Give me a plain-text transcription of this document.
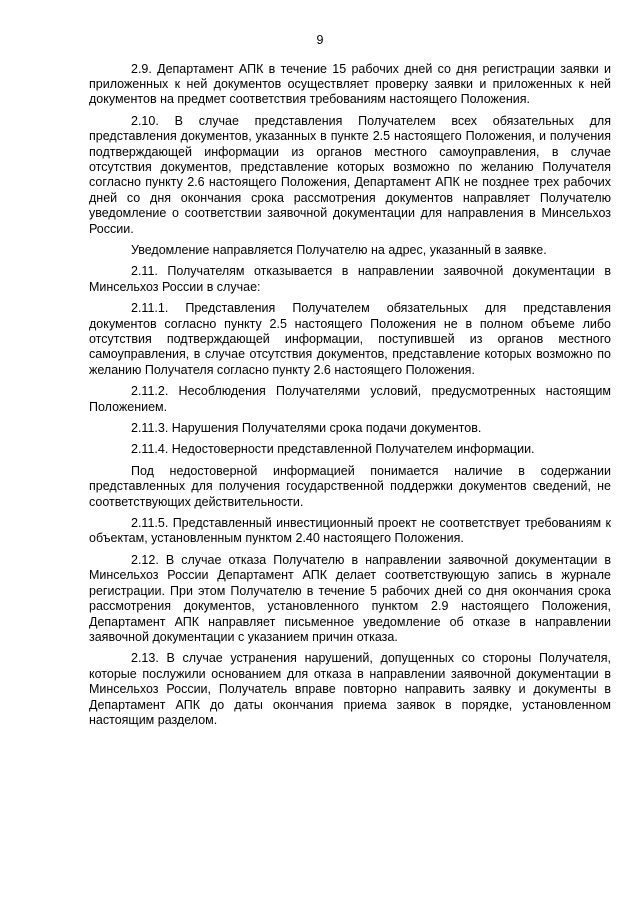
9

2.9. Департамент АПК в течение 15 рабочих дней со дня регистрации заявки и приложенных к ней документов осуществляет проверку заявки и приложенных к ней документов на предмет соответствия требованиям настоящего Положения.

2.10. В случае представления Получателем всех обязательных для представления документов, указанных в пункте 2.5 настоящего Положения, и получения подтверждающей информации из органов местного самоуправления, в случае отсутствия документов, представление которых возможно по желанию Получателя согласно пункту 2.6 настоящего Положения, Департамент АПК не позднее трех рабочих дней со дня окончания срока рассмотрения документов направляет Получателю уведомление о соответствии заявочной документации для направления в Минсельхоз России.

Уведомление направляется Получателю на адрес, указанный в заявке.

2.11. Получателям отказывается в направлении заявочной документации в Минсельхоз России в случае:

2.11.1. Представления Получателем обязательных для представления документов согласно пункту 2.5 настоящего Положения не в полном объеме либо отсутствия подтверждающей информации, поступившей из органов местного самоуправления, в случае отсутствия документов, представление которых возможно по желанию Получателя согласно пункту 2.6 настоящего Положения.

2.11.2. Несоблюдения Получателями условий, предусмотренных настоящим Положением.

2.11.3. Нарушения Получателями срока подачи документов.

2.11.4. Недостоверности представленной Получателем информации.

Под недостоверной информацией понимается наличие в содержании представленных для получения государственной поддержки документов сведений, не соответствующих действительности.

2.11.5. Представленный инвестиционный проект не соответствует требованиям к объектам, установленным пунктом 2.40 настоящего Положения.

2.12. В случае отказа Получателю в направлении заявочной документации в Минсельхоз России Департамент АПК делает соответствующую запись в журнале регистрации. При этом Получателю в течение 5 рабочих дней со дня окончания срока рассмотрения документов, установленного пунктом 2.9 настоящего Положения, Департамент АПК направляет письменное уведомление об отказе в направлении заявочной документации с указанием причин отказа.

2.13. В случае устранения нарушений, допущенных со стороны Получателя, которые послужили основанием для отказа в направлении заявочной документации в Минсельхоз России, Получатель вправе повторно направить заявку и документы в Департамент АПК до даты окончания приема заявок в порядке, установленном настоящим разделом.
